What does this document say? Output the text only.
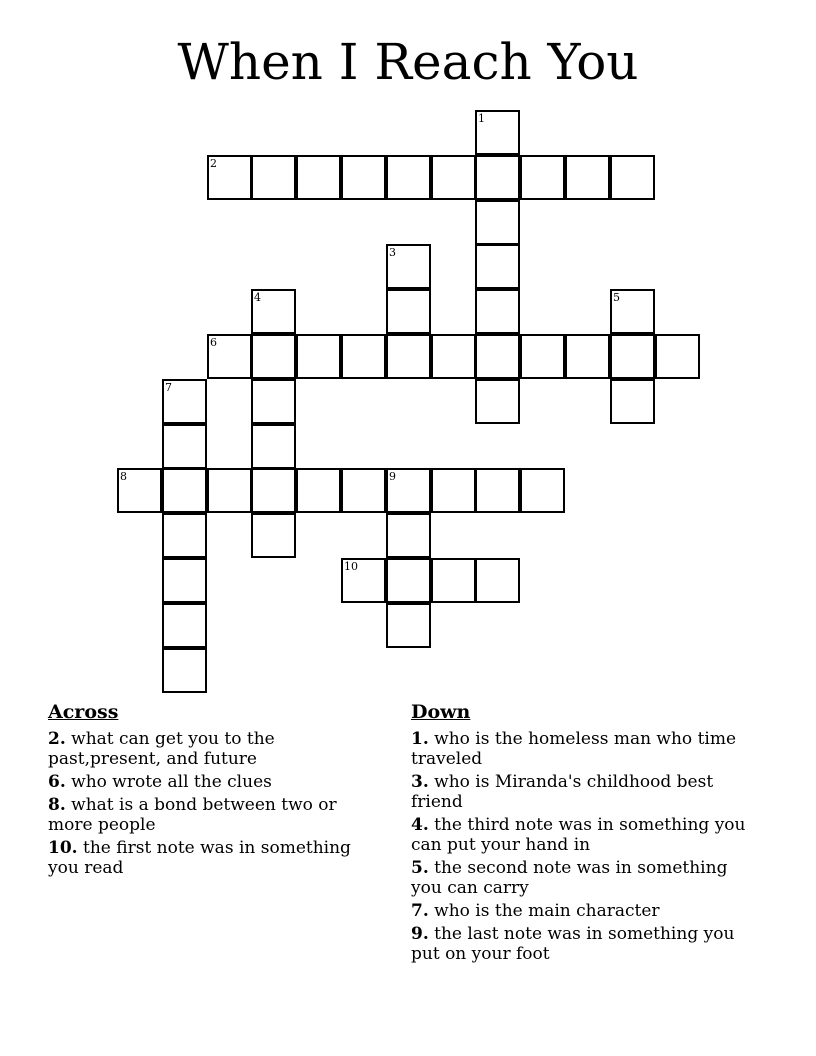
When I Reach You
1
2
3
4	5
6
7
8	9
10
Across
2. what can get you to the past,present, and future
6. who wrote all the clues
8. what is a bond between two or more people
10. the first note was in something you read
Down
1. who is the homeless man who time traveled
3. who is Miranda's childhood best friend
4. the third note was in something you can put your hand in
5. the second note was in something you can carry
7. who is the main character
9. the last note was in something you put on your foot
